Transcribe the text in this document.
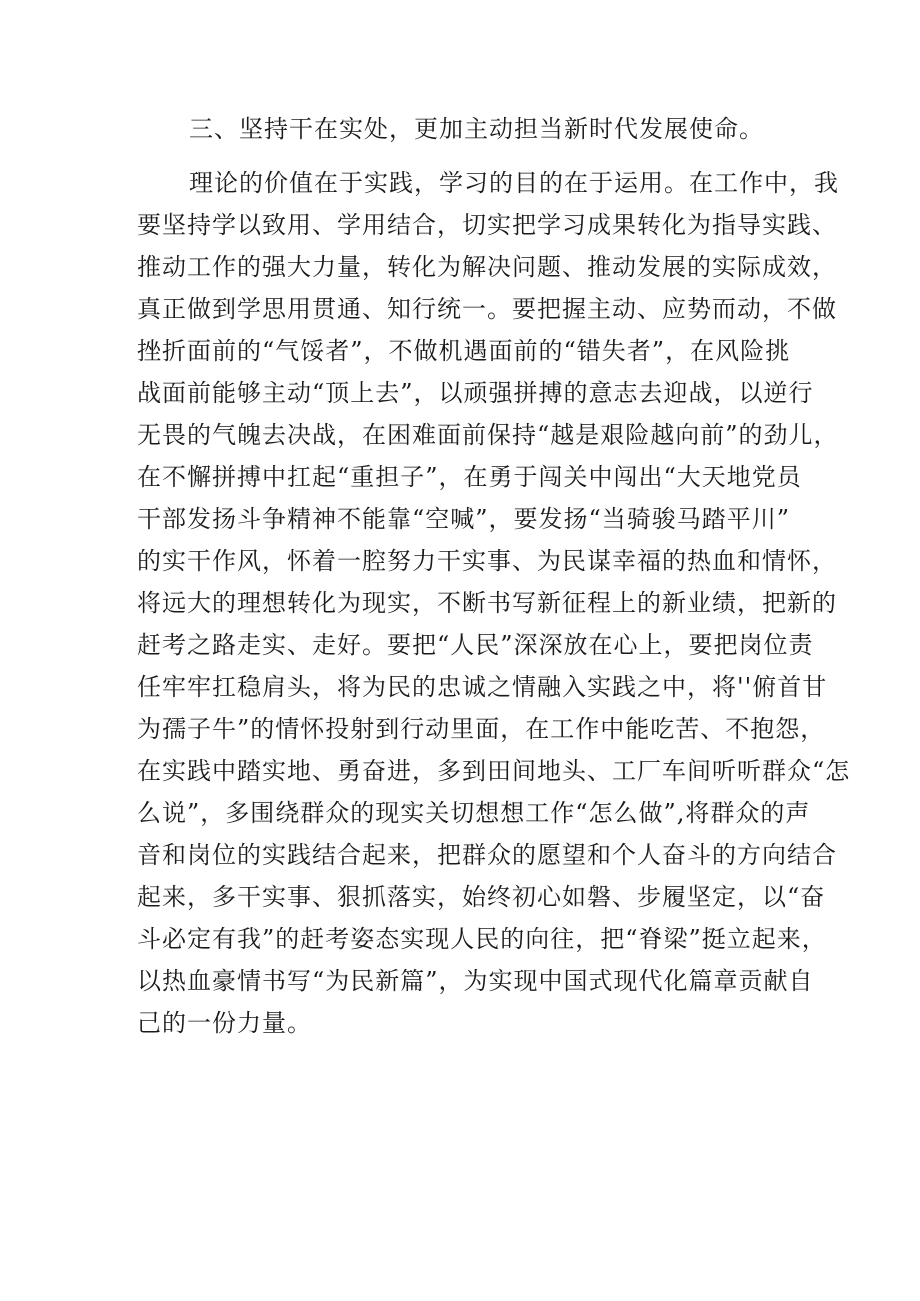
三、坚持干在实处，更加主动担当新时代发展使命。
理论的价值在于实践，学习的目的在于运用。在工作中，我
要坚持学以致用、学用结合，切实把学习成果转化为指导实践、
推动工作的强大力量，转化为解决问题、推动发展的实际成效，
真正做到学思用贯通、知行统一。要把握主动、应势而动，不做
挫折面前的“气馁者”，不做机遇面前的“错失者”，在风险挑
战面前能够主动“顶上去”，以顽强拼搏的意志去迎战，以逆行
无畏的气魄去决战，在困难面前保持“越是艰险越向前”的劲儿，
在不懈拼搏中扛起“重担子”，在勇于闯关中闯出“大天地党员
干部发扬斗争精神不能靠“空喊”，要发扬“当骑骏马踏平川”
的实干作风，怀着一腔努力干实事、为民谋幸福的热血和情怀，
将远大的理想转化为现实，不断书写新征程上的新业绩，把新的
赶考之路走实、走好。要把“人民”深深放在心上，要把岗位责
任牢牢扛稳肩头，将为民的忠诚之情融入实践之中，将''俯首甘
为孺子牛”的情怀投射到行动里面，在工作中能吃苦、不抱怨，
在实践中踏实地、勇奋进，多到田间地头、工厂车间听听群众“怎
么说”，多围绕群众的现实关切想想工作“怎么做”,将群众的声
音和岗位的实践结合起来，把群众的愿望和个人奋斗的方向结合
起来，多干实事、狠抓落实，始终初心如磐、步履坚定，以“奋
斗必定有我”的赶考姿态实现人民的向往，把“脊梁”挺立起来，
以热血豪情书写“为民新篇”，为实现中国式现代化篇章贡献自
己的一份力量。
